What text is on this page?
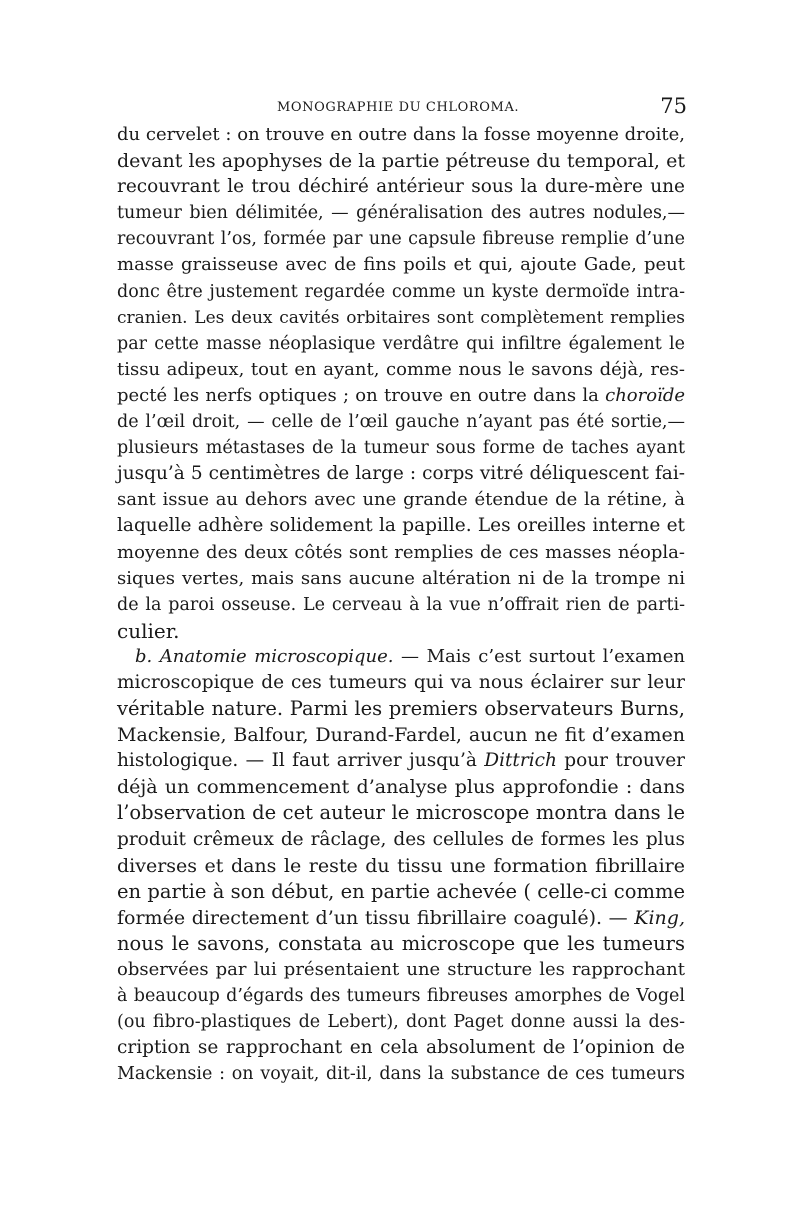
MONOGRAPHIE DU CHLOROMA.	75
du cervelet : on trouve en outre dans la fosse moyenne droite,
devant les apophyses de la partie pétreuse du temporal, et
recouvrant le trou déchiré antérieur sous la dure-mère une
tumeur bien délimitée, — généralisation des autres nodules,—
recouvrant l’os, formée par une capsule fibreuse remplie d’une
masse graisseuse avec de fins poils et qui, ajoute Gade, peut
donc être justement regardée comme un kyste dermoïde intra-
cranien. Les deux cavités orbitaires sont complètement remplies
par cette masse néoplasique verdâtre qui infiltre également le
tissu adipeux, tout en ayant, comme nous le savons déjà, res-
pecté les nerfs optiques ; on trouve en outre dans la choroïde
de l’œil droit, — celle de l’œil gauche n’ayant pas été sortie,—
plusieurs métastases de la tumeur sous forme de taches ayant
jusqu’à 5 centimètres de large : corps vitré déliquescent fai-
sant issue au dehors avec une grande étendue de la rétine, à
laquelle adhère solidement la papille. Les oreilles interne et
moyenne des deux côtés sont remplies de ces masses néopla-
siques vertes, mais sans aucune altération ni de la trompe ni
de la paroi osseuse. Le cerveau à la vue n’offrait rien de parti-
culier.
b. Anatomie microscopique. — Mais c’est surtout l’examen
microscopique de ces tumeurs qui va nous éclairer sur leur
véritable nature. Parmi les premiers observateurs Burns,
Mackensie, Balfour, Durand-Fardel, aucun ne fit d’examen
histologique. — Il faut arriver jusqu’à Dittrich pour trouver
déjà un commencement d’analyse plus approfondie : dans
l’observation de cet auteur le microscope montra dans le
produit crêmeux de râclage, des cellules de formes les plus
diverses et dans le reste du tissu une formation fibrillaire
en partie à son début, en partie achevée ( celle-ci comme
formée directement d’un tissu fibrillaire coagulé). — King,
nous le savons, constata au microscope que les tumeurs
observées par lui présentaient une structure les rapprochant
à beaucoup d’égards des tumeurs fibreuses amorphes de Vogel
(ou fibro-plastiques de Lebert), dont Paget donne aussi la des-
cription se rapprochant en cela absolument de l’opinion de
Mackensie : on voyait, dit-il, dans la substance de ces tumeurs
